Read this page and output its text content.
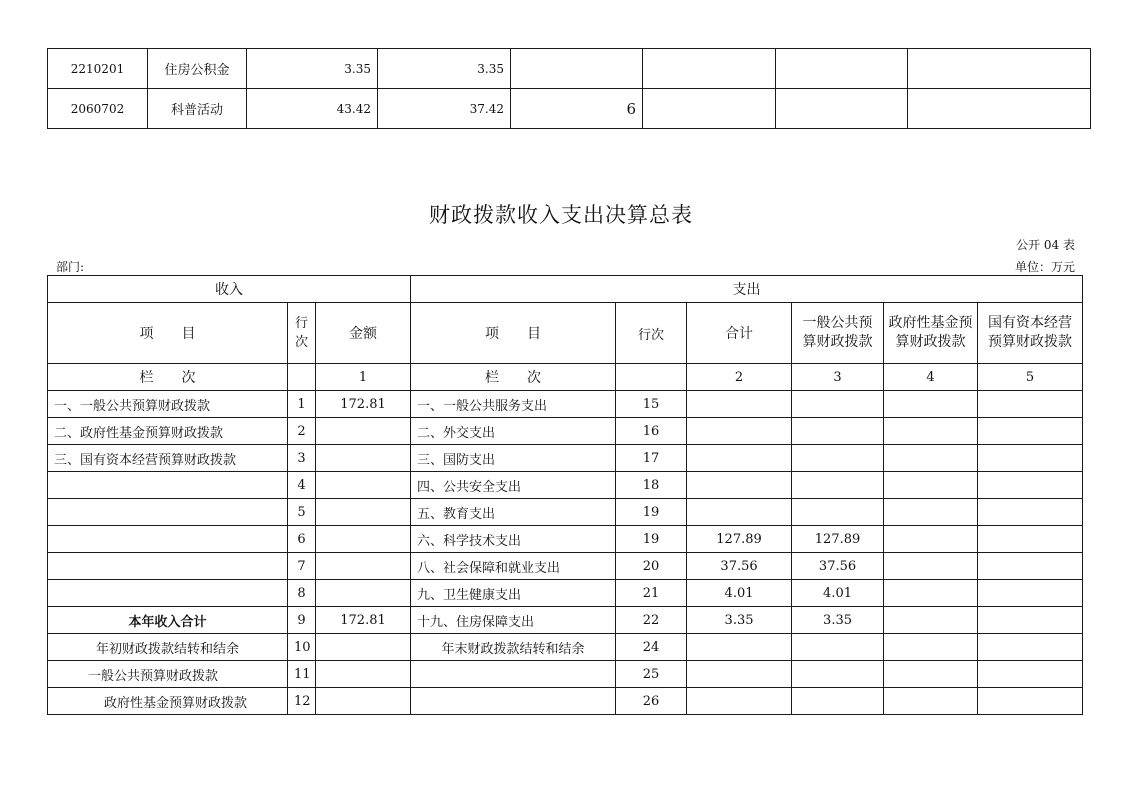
2210201	住房公积金	3.35	3.35				
2060702	科普活动	43.42	37.42	6			
财政拨款收入支出决算总表
公开 04 表
部门:	单位：万元
收入			支出					
项　　目	行次	金额	项　　目	行次	合计	一般公共预算财政拨款	政府性基金预算财政拨款	国有资本经营预算财政拨款
栏　　次		1	栏　　次		2	3	4	5
一、一般公共预算财政拨款	1	172.81	一、一般公共服务支出	15				
二、政府性基金预算财政拨款	2		二、外交支出	16				
三、国有资本经营预算财政拨款	3		三、国防支出	17				
	4		四、公共安全支出	18				
	5		五、教育支出	19				
	6		六、科学技术支出	19	127.89	127.89		
	7		八、社会保障和就业支出	20	37.56	37.56		
	8		九、卫生健康支出	21	4.01	4.01		
本年收入合计	9	172.81	十九、住房保障支出	22	3.35	3.35		
年初财政拨款结转和结余	10		年末财政拨款结转和结余	24				
一般公共预算财政拨款	11			25				
政府性基金预算财政拨款	12			26				
